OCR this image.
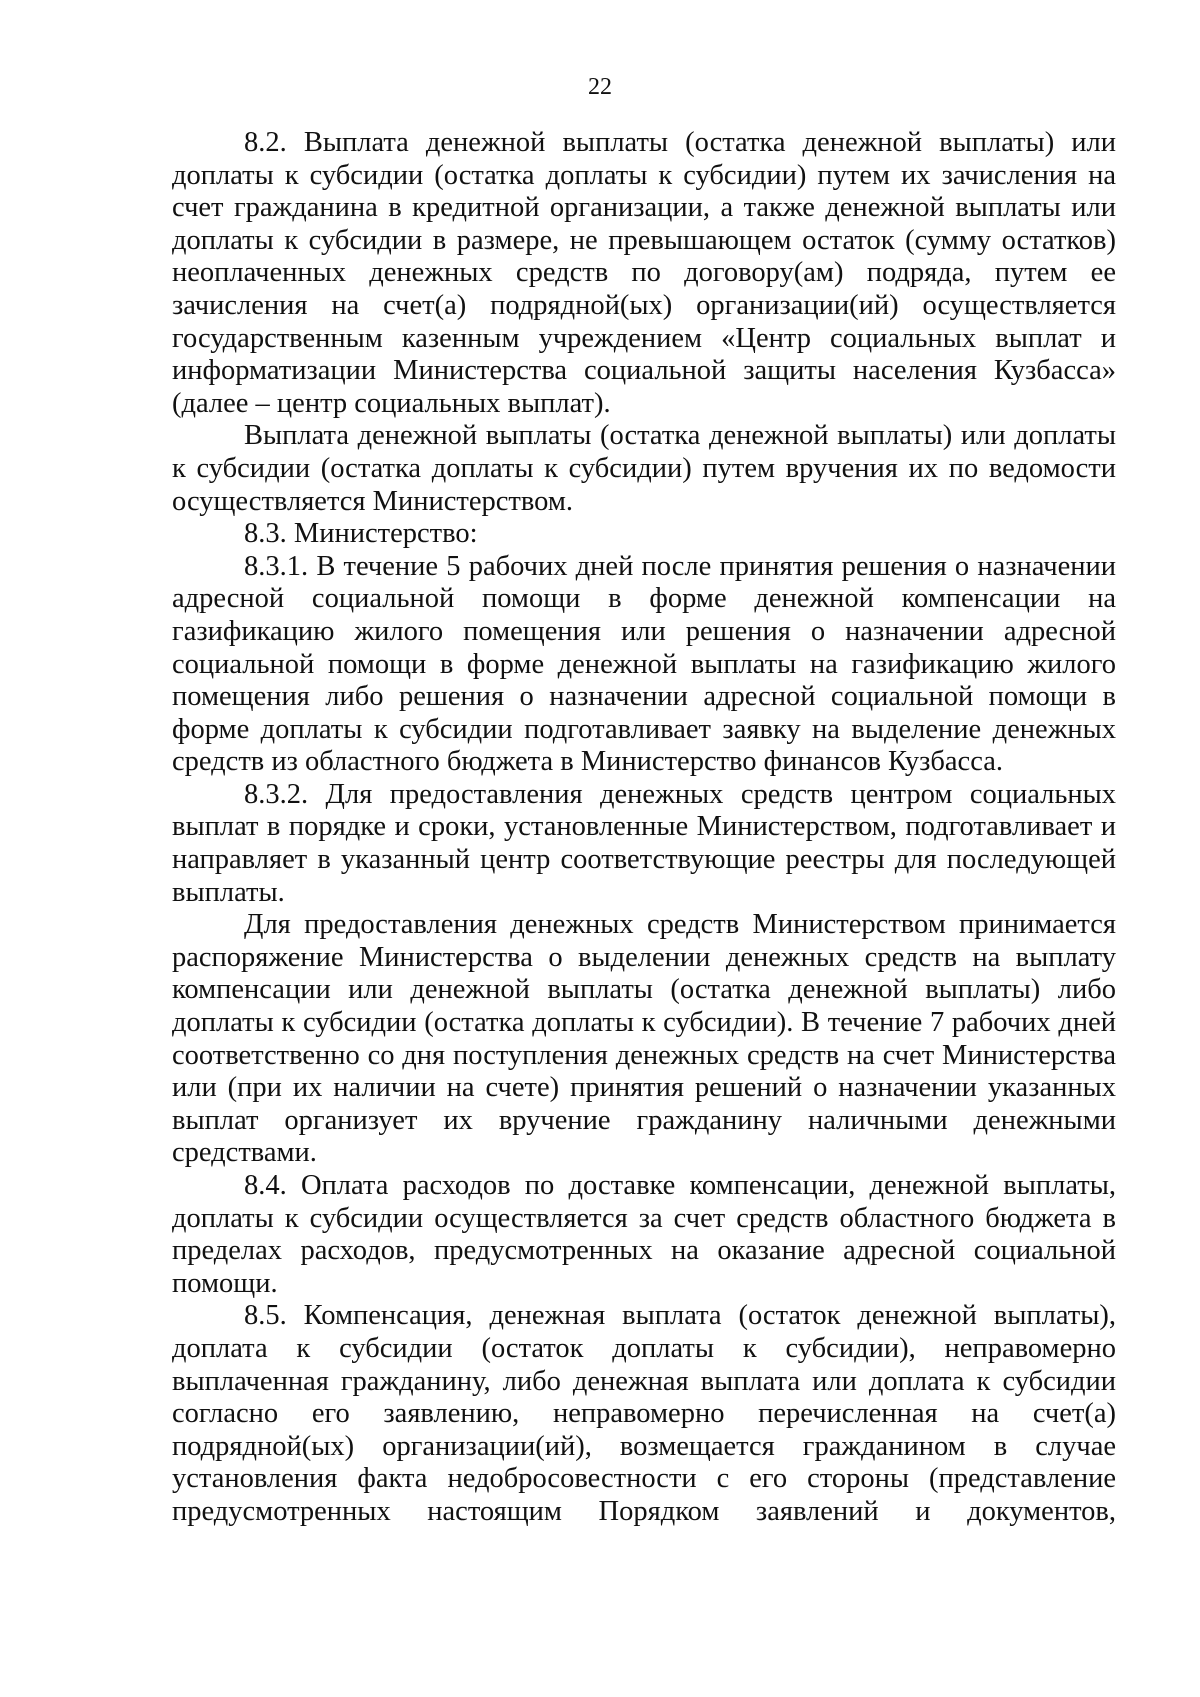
22

8.2. Выплата денежной выплаты (остатка денежной выплаты) или доплаты к субсидии (остатка доплаты к субсидии) путем их зачисления на счет гражданина в кредитной организации, а также денежной выплаты или доплаты к субсидии в размере, не превышающем остаток (сумму остатков) неоплаченных денежных средств по договору(ам) подряда, путем ее зачисления на счет(а) подрядной(ых) организации(ий) осуществляется государственным казенным учреждением «Центр социальных выплат и информатизации Министерства социальной защиты населения Кузбасса» (далее – центр социальных выплат).

Выплата денежной выплаты (остатка денежной выплаты) или доплаты к субсидии (остатка доплаты к субсидии) путем вручения их по ведомости осуществляется Министерством.

8.3. Министерство:

8.3.1. В течение 5 рабочих дней после принятия решения о назначении адресной социальной помощи в форме денежной компенсации на газификацию жилого помещения или решения о назначении адресной социальной помощи в форме денежной выплаты на газификацию жилого помещения либо решения о назначении адресной социальной помощи в форме доплаты к субсидии подготавливает заявку на выделение денежных средств из областного бюджета в Министерство финансов Кузбасса.

8.3.2. Для предоставления денежных средств центром социальных выплат в порядке и сроки, установленные Министерством, подготавливает и направляет в указанный центр соответствующие реестры для последующей выплаты.

Для предоставления денежных средств Министерством принимается распоряжение Министерства о выделении денежных средств на выплату компенсации или денежной выплаты (остатка денежной выплаты) либо доплаты к субсидии (остатка доплаты к субсидии). В течение 7 рабочих дней соответственно со дня поступления денежных средств на счет Министерства или (при их наличии на счете) принятия решений о назначении указанных выплат организует их вручение гражданину наличными денежными средствами.

8.4. Оплата расходов по доставке компенсации, денежной выплаты, доплаты к субсидии осуществляется за счет средств областного бюджета в пределах расходов, предусмотренных на оказание адресной социальной помощи.

8.5. Компенсация, денежная выплата (остаток денежной выплаты), доплата к субсидии (остаток доплаты к субсидии), неправомерно выплаченная гражданину, либо денежная выплата или доплата к субсидии согласно его заявлению, неправомерно перечисленная на счет(а) подрядной(ых) организации(ий), возмещается гражданином в случае установления факта недобросовестности с его стороны (представление предусмотренных настоящим Порядком заявлений и документов,
